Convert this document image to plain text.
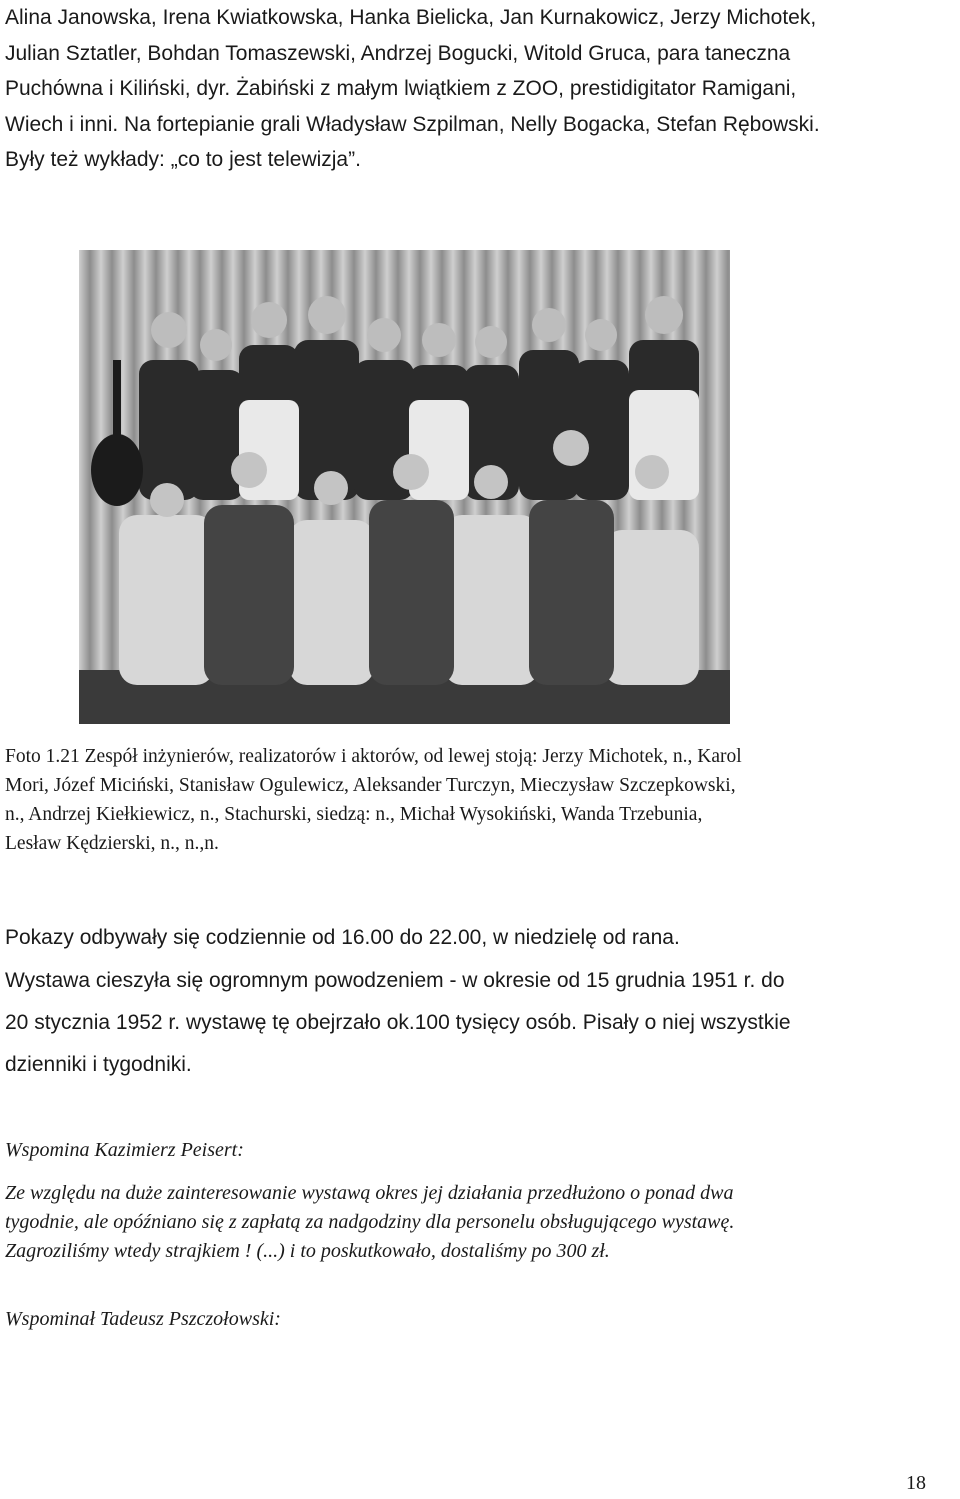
Alina Janowska, Irena Kwiatkowska, Hanka Bielicka, Jan Kurnakowicz, Jerzy Michotek,
Julian Sztatler, Bohdan Tomaszewski, Andrzej Bogucki, Witold Gruca, para taneczna
Puchówna i Kiliński, dyr. Żabiński z małym lwiątkiem z ZOO, prestidigitator Ramigani,
Wiech i inni. Na fortepianie grali Władysław Szpilman, Nelly Bogacka, Stefan Rębowski.
Były też wykłady: „co to jest telewizja”.
Foto 1.21 Zespół inżynierów, realizatorów i aktorów, od lewej stoją: Jerzy Michotek, n., Karol
Mori, Józef Miciński, Stanisław Ogulewicz, Aleksander Turczyn, Mieczysław Szczepkowski,
n., Andrzej Kiełkiewicz, n., Stachurski, siedzą: n., Michał Wysokiński, Wanda Trzebunia,
Lesław Kędzierski, n., n.,n.
Pokazy odbywały się codziennie od 16.00 do 22.00, w niedzielę od rana.
Wystawa cieszyła się ogromnym powodzeniem - w okresie od 15 grudnia 1951 r. do
20 stycznia 1952 r. wystawę tę obejrzało ok.100 tysięcy osób. Pisały o niej wszystkie
dzienniki i tygodniki.
Wspomina Kazimierz Peisert:
Ze względu na duże zainteresowanie wystawą okres jej działania przedłużono o ponad dwa
tygodnie, ale opóźniano się z zapłatą za nadgodziny dla personelu obsługującego wystawę.
Zagroziliśmy wtedy strajkiem ! (...) i to poskutkowało, dostaliśmy po 300 zł.
Wspominał Tadeusz Pszczołowski:
18
